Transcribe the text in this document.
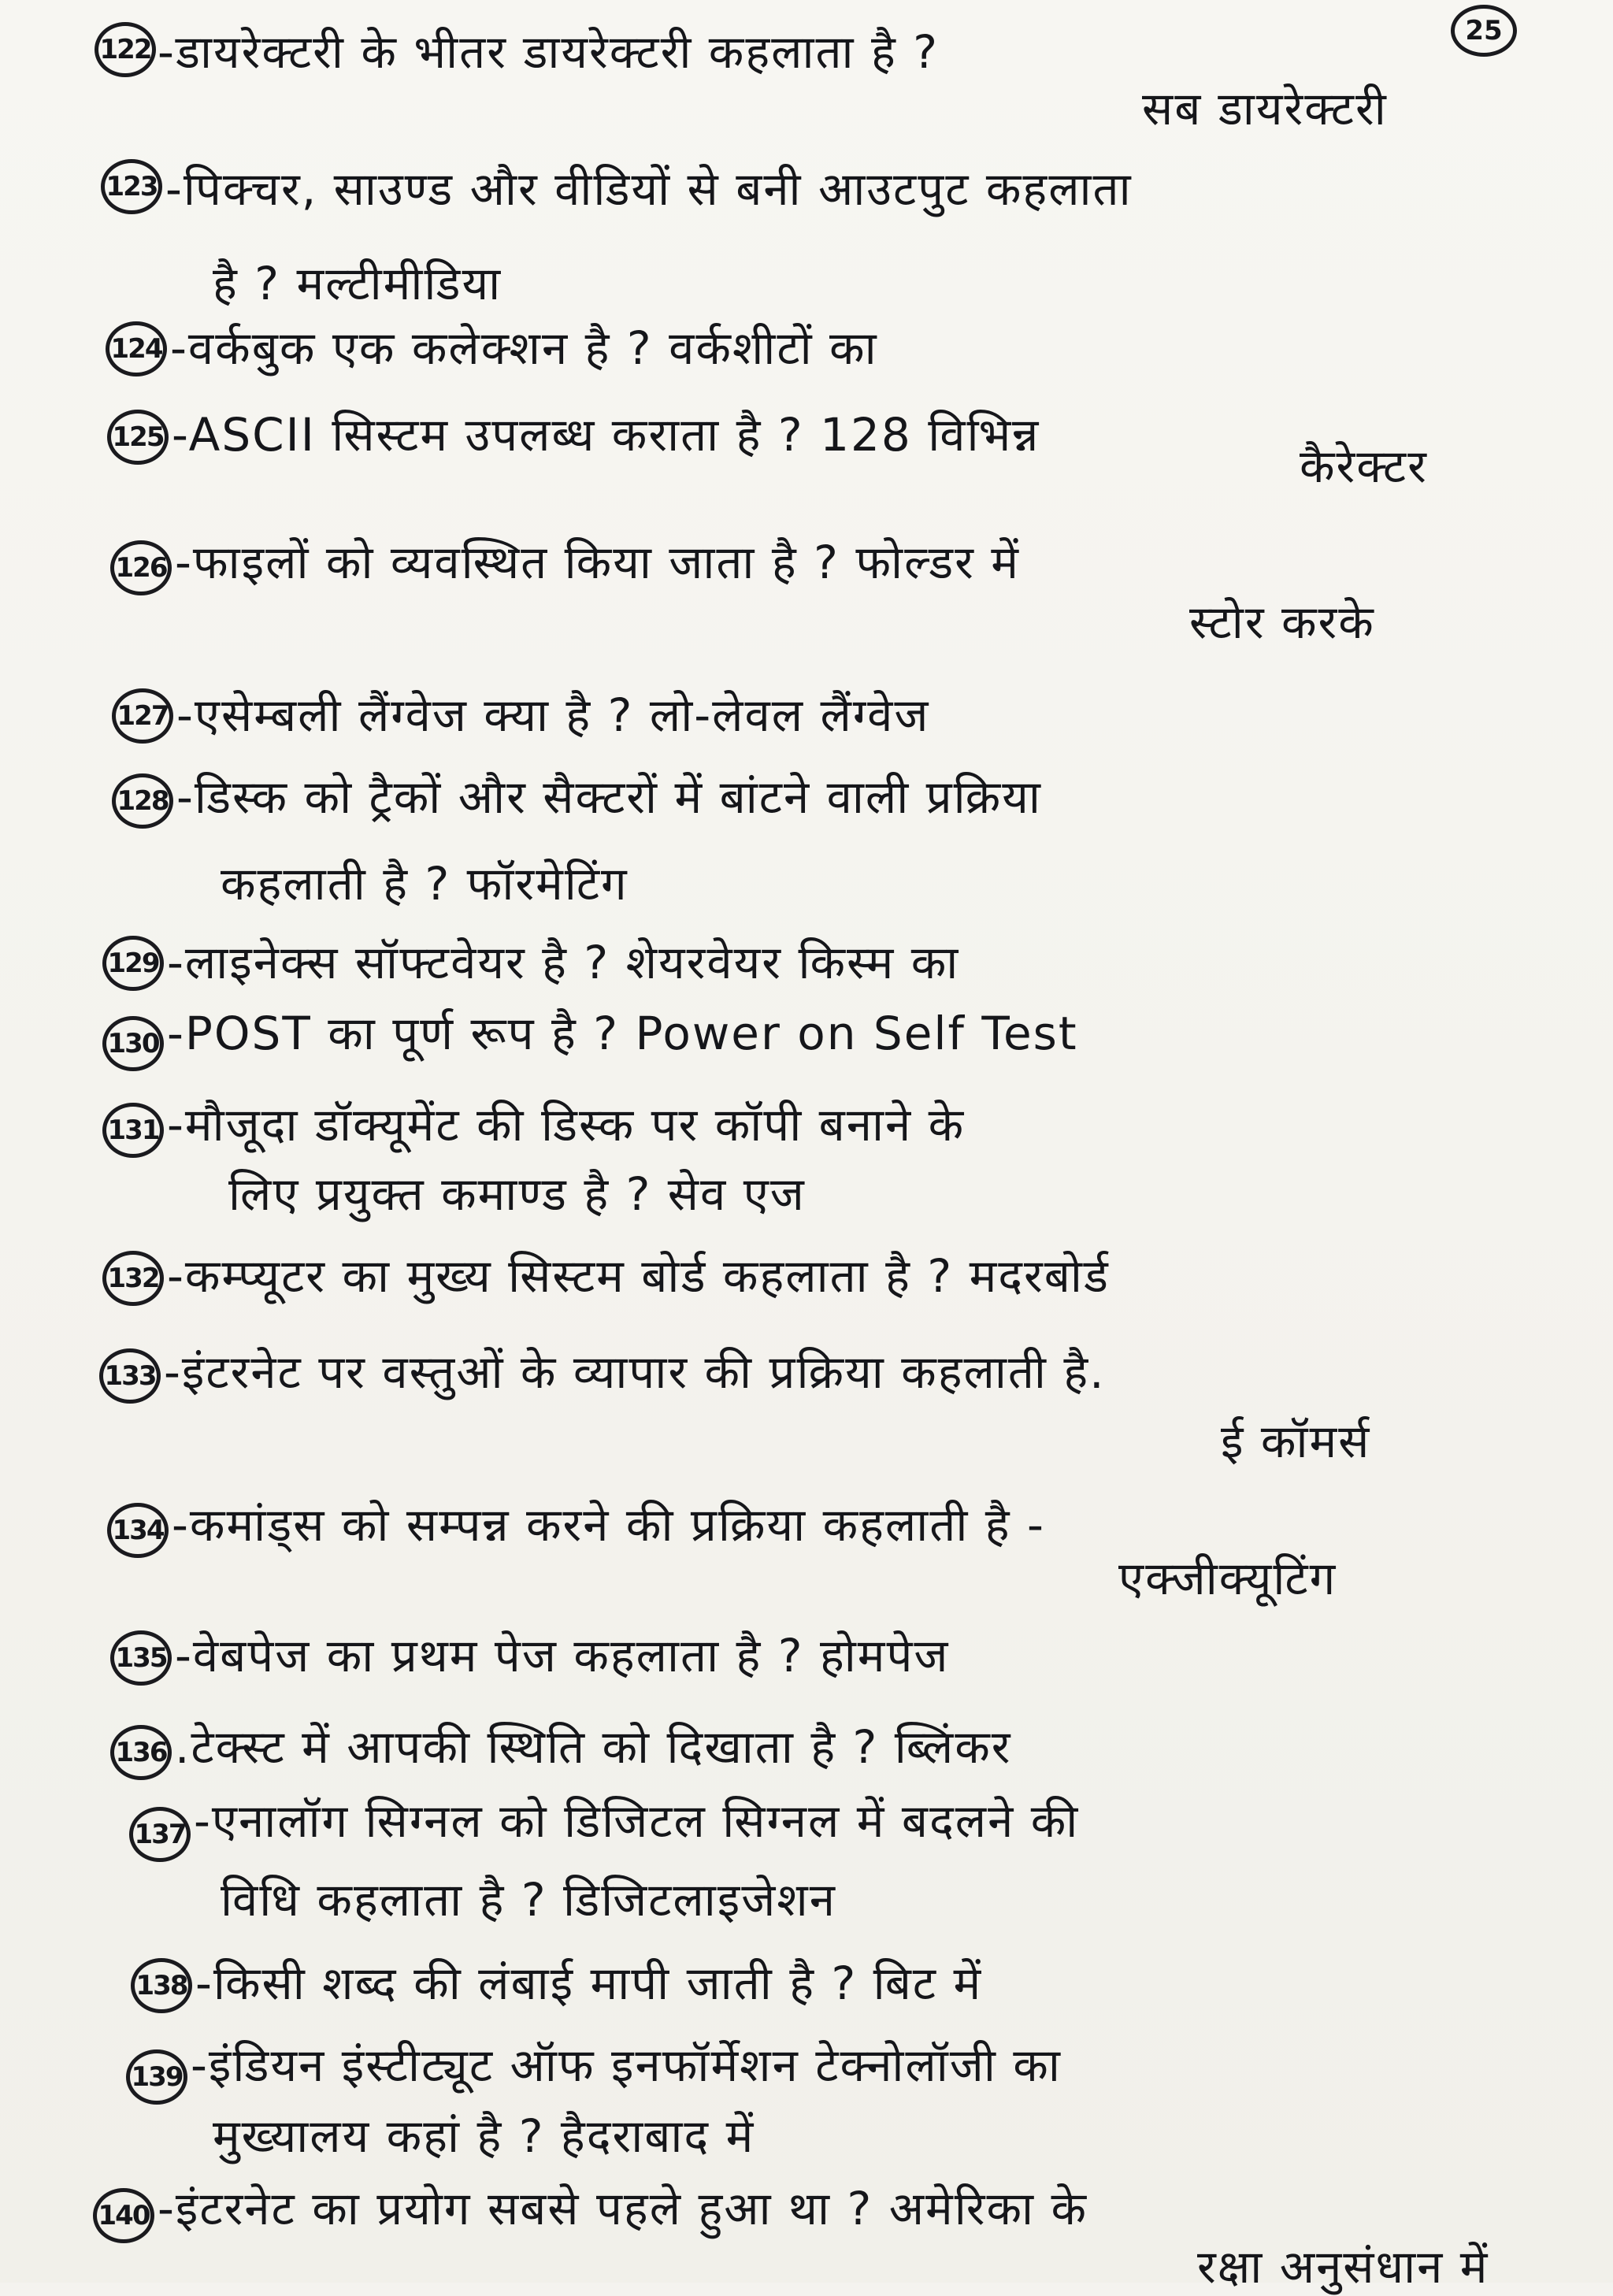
25
122 -डायरेक्टरी के भीतर डायरेक्टरी कहलाता है ?
सब डायरेक्टरी
123 -पिक्चर, साउण्ड और वीडियों से बनी आउटपुट कहलाता
है ? मल्टीमीडिया
124 -वर्कबुक एक कलेक्शन है ? वर्कशीटों का
125 -ASCII सिस्टम उपलब्ध कराता है ? 128 विभिन्न
कैरेक्टर
126 -फाइलों को व्यवस्थित किया जाता है ? फोल्डर में
स्टोर करके
127 -एसेम्बली लैंग्वेज क्या है ? लो-लेवल लैंग्वेज
128 -डिस्क को ट्रैकों और सैक्टरों में बांटने वाली प्रक्रिया
कहलाती है ? फॉरमेटिंग
129 -लाइनेक्स सॉफ्टवेयर है ? शेयरवेयर किस्म का
130 -POST का पूर्ण रूप है ? Power on Self Test
131 -मौजूदा डॉक्यूमेंट की डिस्क पर कॉपी बनाने के
लिए प्रयुक्त कमाण्ड है ? सेव एज
132 -कम्प्यूटर का मुख्य सिस्टम बोर्ड कहलाता है ? मदरबोर्ड
133 -इंटरनेट पर वस्तुओं के व्यापार की प्रक्रिया कहलाती है.
ई कॉमर्स
134 -कमांड्स को सम्पन्न करने की प्रक्रिया कहलाती है -
एक्जीक्यूटिंग
135 -वेबपेज का प्रथम पेज कहलाता है ? होमपेज
136 .टेक्स्ट में आपकी स्थिति को दिखाता है ? ब्लिंकर
137 -एनालॉग सिग्नल को डिजिटल सिग्नल में बदलने की
विधि कहलाता है ? डिजिटलाइजेशन
138 -किसी शब्द की लंबाई मापी जाती है ? बिट में
139 -इंडियन इंस्टीट्यूट ऑफ इनफॉर्मेशन टेक्नोलॉजी का
मुख्यालय कहां है ? हैदराबाद में
140 -इंटरनेट का प्रयोग सबसे पहले हुआ था ? अमेरिका के
रक्षा अनुसंधान में
